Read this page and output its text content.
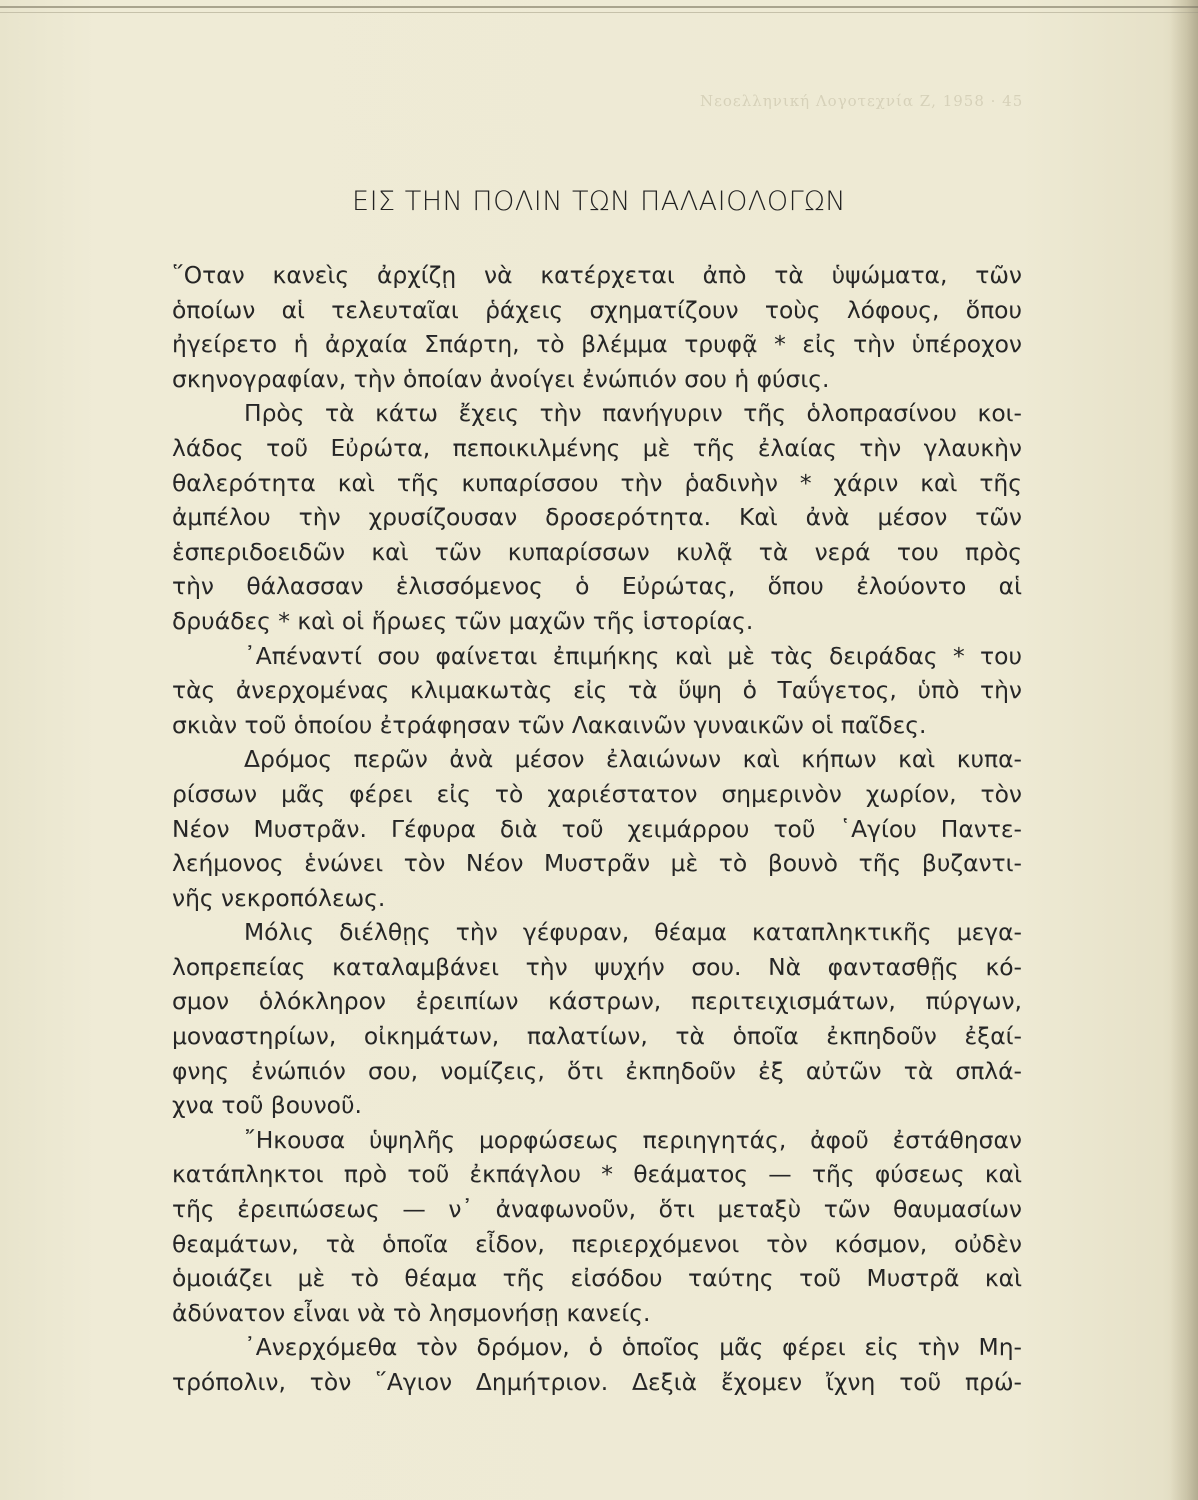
Νεοελληνική Λογοτεχνία Ζ, 1958 · 45
ΕΙΣ ΤΗΝ ΠΟΛΙΝ ΤΩΝ ΠΑΛΑΙΟΛΟΓΩΝ
῞Οταν κανεὶς ἀρχίζῃ νὰ κατέρχεται ἀπὸ τὰ ὑψώματα, τῶν
ὁποίων αἱ τελευταῖαι ῥάχεις σχηματίζουν τοὺς λόφους, ὅπου
ἠγείρετο ἡ ἀρχαία Σπάρτη, τὸ βλέμμα τρυφᾷ * εἰς τὴν ὑπέροχον
σκηνογραφίαν, τὴν ὁποίαν ἀνοίγει ἐνώπιόν σου ἡ φύσις.
Πρὸς τὰ κάτω ἔχεις τὴν πανήγυριν τῆς ὁλοπρασίνου κοι-
λάδος τοῦ Εὐρώτα, πεποικιλμένης μὲ τῆς ἐλαίας τὴν γλαυκὴν
θαλερότητα καὶ τῆς κυπαρίσσου τὴν ῥαδινὴν * χάριν καὶ τῆς
ἀμπέλου τὴν χρυσίζουσαν δροσερότητα. Καὶ ἀνὰ μέσον τῶν
ἑσπεριδοειδῶν καὶ τῶν κυπαρίσσων κυλᾷ τὰ νερά του πρὸς
τὴν θάλασσαν ἑλισσόμενος ὁ Εὐρώτας, ὅπου ἐλούοντο αἱ
δρυάδες * καὶ οἱ ἥρωες τῶν μαχῶν τῆς ἱστορίας.
᾿Απέναντί σου φαίνεται ἐπιμήκης καὶ μὲ τὰς δειράδας * του
τὰς ἀνερχομένας κλιμακωτὰς εἰς τὰ ὕψη ὁ Ταΰγετος, ὑπὸ τὴν
σκιὰν τοῦ ὁποίου ἐτράφησαν τῶν Λακαινῶν γυναικῶν οἱ παῖδες.
Δρόμος περῶν ἀνὰ μέσον ἐλαιώνων καὶ κήπων καὶ κυπα-
ρίσσων μᾶς φέρει εἰς τὸ χαριέστατον σημερινὸν χωρίον, τὸν
Νέον Μυστρᾶν. Γέφυρα διὰ τοῦ χειμάρρου τοῦ ῾Αγίου Παντε-
λεήμονος ἑνώνει τὸν Νέον Μυστρᾶν μὲ τὸ βουνὸ τῆς βυζαντι-
νῆς νεκροπόλεως.
Μόλις διέλθῃς τὴν γέφυραν, θέαμα καταπληκτικῆς μεγα-
λοπρεπείας καταλαμβάνει τὴν ψυχήν σου. Νὰ φαντασθῇς κό-
σμον ὁλόκληρον ἐρειπίων κάστρων, περιτειχισμάτων, πύργων,
μοναστηρίων, οἰκημάτων, παλατίων, τὰ ὁποῖα ἐκπηδοῦν ἐξαί-
φνης ἐνώπιόν σου, νομίζεις, ὅτι ἐκπηδοῦν ἐξ αὐτῶν τὰ σπλά-
χνα τοῦ βουνοῦ.
῎Ηκουσα ὑψηλῆς μορφώσεως περιηγητάς, ἀφοῦ ἐστάθησαν
κατάπληκτοι πρὸ τοῦ ἐκπάγλου * θεάματος — τῆς φύσεως καὶ
τῆς ἐρειπώσεως — ν᾿ ἀναφωνοῦν, ὅτι μεταξὺ τῶν θαυμασίων
θεαμάτων, τὰ ὁποῖα εἶδον, περιερχόμενοι τὸν κόσμον, οὐδὲν
ὁμοιάζει μὲ τὸ θέαμα τῆς εἰσόδου ταύτης τοῦ Μυστρᾶ καὶ
ἀδύνατον εἶναι νὰ τὸ λησμονήσῃ κανείς.
᾿Ανερχόμεθα τὸν δρόμον, ὁ ὁποῖος μᾶς φέρει εἰς τὴν Μη-
τρόπολιν, τὸν ῞Αγιον Δημήτριον. Δεξιὰ ἔχομεν ἴχνη τοῦ πρώ-
